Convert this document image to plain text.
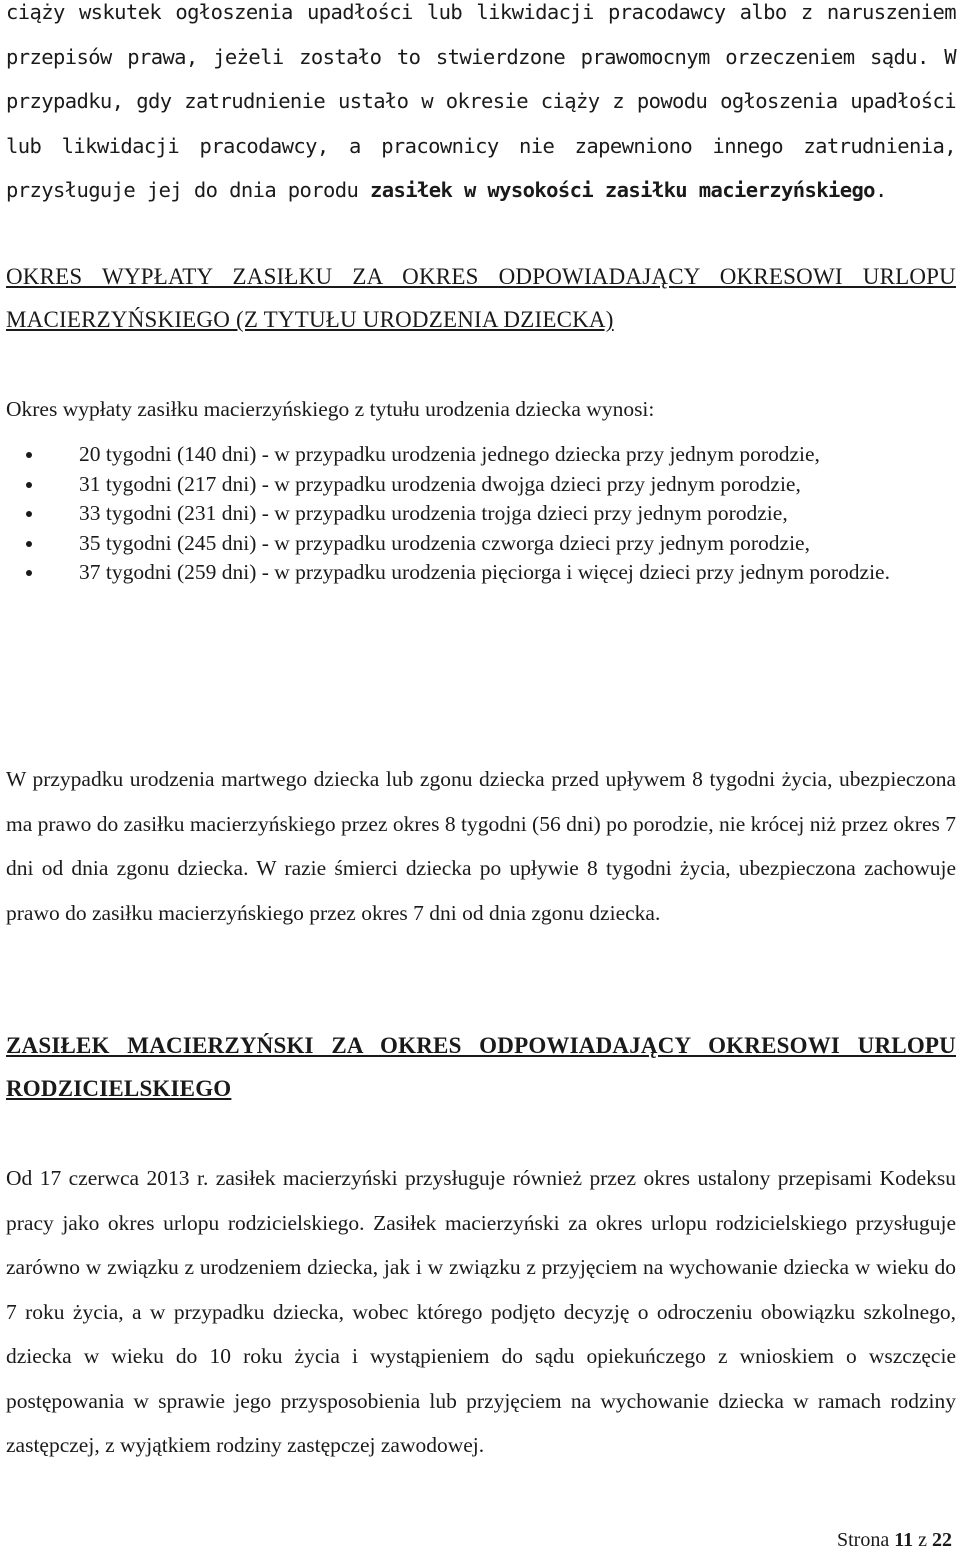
ciąży wskutek ogłoszenia upadłości lub likwidacji pracodawcy albo z naruszeniem przepisów prawa, jeżeli zostało to stwierdzone prawomocnym orzeczeniem sądu. W przypadku, gdy zatrudnienie ustało w okresie ciąży z powodu ogłoszenia upadłości lub likwidacji pracodawcy, a pracownicy nie zapewniono innego zatrudnienia, przysługuje jej do dnia porodu zasiłek w wysokości zasiłku macierzyńskiego.

OKRES WYPŁATY ZASIŁKU ZA OKRES ODPOWIADAJĄCY OKRESOWI URLOPU
MACIERZYŃSKIEGO (Z TYTUŁU URODZENIA DZIECKA)

Okres wypłaty zasiłku macierzyńskiego z tytułu urodzenia dziecka wynosi:

20 tygodni (140 dni) - w przypadku urodzenia jednego dziecka przy jednym porodzie,
31 tygodni (217 dni) - w przypadku urodzenia dwojga dzieci przy jednym porodzie,
33 tygodni (231 dni) - w przypadku urodzenia trojga dzieci przy jednym porodzie,
35 tygodni (245 dni) - w przypadku urodzenia czworga dzieci przy jednym porodzie,
37 tygodni (259 dni) - w przypadku urodzenia pięciorga i więcej dzieci przy jednym porodzie.

W przypadku urodzenia martwego dziecka lub zgonu dziecka przed upływem 8 tygodni życia, ubezpieczona ma prawo do zasiłku macierzyńskiego przez okres 8 tygodni (56 dni) po porodzie, nie krócej niż przez okres 7 dni od dnia zgonu dziecka. W razie śmierci dziecka po upływie 8 tygodni życia, ubezpieczona zachowuje prawo do zasiłku macierzyńskiego przez okres 7 dni od dnia zgonu dziecka.

ZASIŁEK MACIERZYŃSKI ZA OKRES ODPOWIADAJĄCY OKRESOWI URLOPU
RODZICIELSKIEGO

Od 17 czerwca 2013 r. zasiłek macierzyński przysługuje również przez okres ustalony przepisami Kodeksu pracy jako okres urlopu rodzicielskiego. Zasiłek macierzyński za okres urlopu rodzicielskiego przysługuje zarówno w związku z urodzeniem dziecka, jak i w związku z przyjęciem na wychowanie dziecka w wieku do 7 roku życia, a w przypadku dziecka, wobec którego podjęto decyzję o odroczeniu obowiązku szkolnego, dziecka w wieku do 10 roku życia i wystąpieniem do sądu opiekuńczego z wnioskiem o wszczęcie postępowania w sprawie jego przysposobienia lub przyjęciem na wychowanie dziecka w ramach rodziny zastępczej, z wyjątkiem rodziny zastępczej zawodowej.

Strona 11 z 22
